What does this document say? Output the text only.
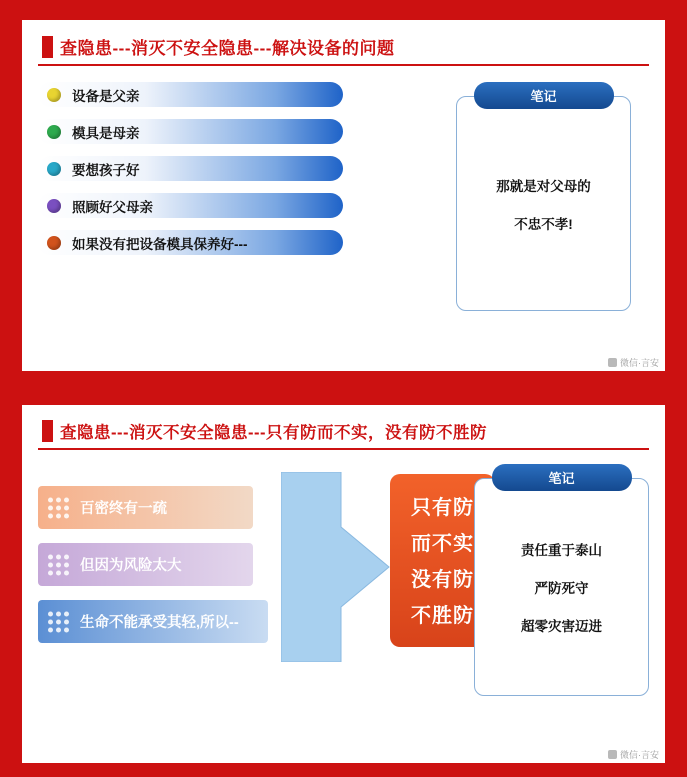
查隐患---消灭不安全隐患---解决设备的问题
设备是父亲
模具是母亲
要想孩子好
照顾好父母亲
如果没有把设备模具保养好---
笔记
那就是对父母的
不忠不孝!
微信·言安
查隐患---消灭不安全隐患---只有防而不实，没有防不胜防
百密终有一疏
但因为风险太大
生命不能承受其轻,所以--
只有防
而不实
没有防
不胜防
笔记
责任重于泰山
严防死守
超零灾害迈进
微信·言安
